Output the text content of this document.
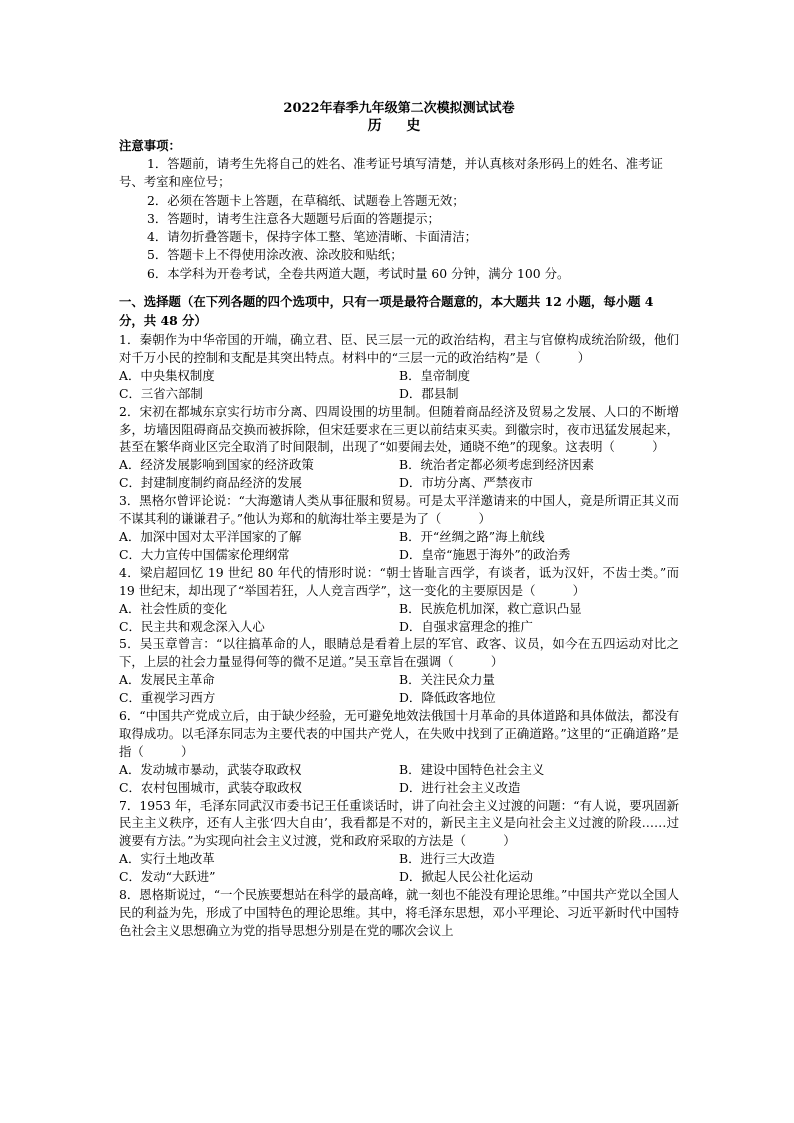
2022年春季九年级第二次模拟测试试卷
历 史
注意事项：
1．答题前，请考生先将自己的姓名、准考证号填写清楚，并认真核对条形码上的姓名、准考证号、考室和座位号；
2．必须在答题卡上答题，在草稿纸、试题卷上答题无效；
3．答题时，请考生注意各大题题号后面的答题提示；
4．请勿折叠答题卡，保持字体工整、笔迹清晰、卡面清洁；
5．答题卡上不得使用涂改液、涂改胶和贴纸；
6．本学科为开卷考试，全卷共两道大题，考试时量 60 分钟，满分 100 分。
一、选择题（在下列各题的四个选项中，只有一项是最符合题意的，本大题共 12 小题，每小题 4 分，共 48 分）
1．秦朝作为中华帝国的开端，确立君、臣、民三层一元的政治结构，君主与官僚构成统治阶级，他们对千万小民的控制和支配是其突出特点。材料中的“三层一元的政治结构”是（　　　）
A．中央集权制度	B．皇帝制度
C．三省六部制	D．郡县制
2．宋初在都城东京实行坊市分离、四周设围的坊里制。但随着商品经济及贸易之发展、人口的不断增多，坊墙因阻碍商品交换而被拆除，但宋廷要求在三更以前结束买卖。到徽宗时，夜市迅猛发展起来，甚至在繁华商业区完全取消了时间限制，出现了“如要闹去处，通晓不绝”的现象。这表明（　　　）
A．经济发展影响到国家的经济政策	B．统治者定都必须考虑到经济因素
C．封建制度制约商品经济的发展	D．市坊分离、严禁夜市
3．黑格尔曾评论说：“大海邀请人类从事征服和贸易。可是太平洋邀请来的中国人，竟是所谓正其义而不谋其利的谦谦君子。”他认为郑和的航海壮举主要是为了（　　　）
A．加深中国对太平洋国家的了解	B．开“丝绸之路”海上航线
C．大力宣传中国儒家伦理纲常	D．皇帝“施恩于海外”的政治秀
4．梁启超回忆 19 世纪 80 年代的情形时说：“朝士皆耻言西学，有谈者，诋为汉奸，不齿士类。”而 19 世纪末，却出现了“举国若狂，人人竞言西学”，这一变化的主要原因是（　　　）
A．社会性质的变化	B．民族危机加深，救亡意识凸显
C．民主共和观念深入人心	D．自强求富理念的推广
5．吴玉章曾言：“以往搞革命的人，眼睛总是看着上层的军官、政客、议员，如今在五四运动对比之下，上层的社会力量显得何等的微不足道。”吴玉章旨在强调（　　　）
A．发展民主革命	B．关注民众力量
C．重视学习西方	D．降低政客地位
6．“中国共产党成立后，由于缺少经验，无可避免地效法俄国十月革命的具体道路和具体做法，都没有取得成功。以毛泽东同志为主要代表的中国共产党人，在失败中找到了正确道路。”这里的“正确道路”是指（　　　）
A．发动城市暴动，武装夺取政权	B．建设中国特色社会主义
C．农村包围城市，武装夺取政权	D．进行社会主义改造
7．1953 年，毛泽东同武汉市委书记王任重谈话时，讲了向社会主义过渡的问题：“有人说，要巩固新民主主义秩序，还有人主张‘四大自由’，我看都是不对的，新民主主义是向社会主义过渡的阶段……过渡要有方法。”为实现向社会主义过渡，党和政府采取的方法是（　　　）
A．实行土地改革	B．进行三大改造
C．发动“大跃进”	D．掀起人民公社化运动
8．恩格斯说过，“一个民族要想站在科学的最高峰，就一刻也不能没有理论思维。”中国共产党以全国人民的利益为先，形成了中国特色的理论思维。其中，将毛泽东思想，邓小平理论、习近平新时代中国特色社会主义思想确立为党的指导思想分别是在党的哪次会议上
